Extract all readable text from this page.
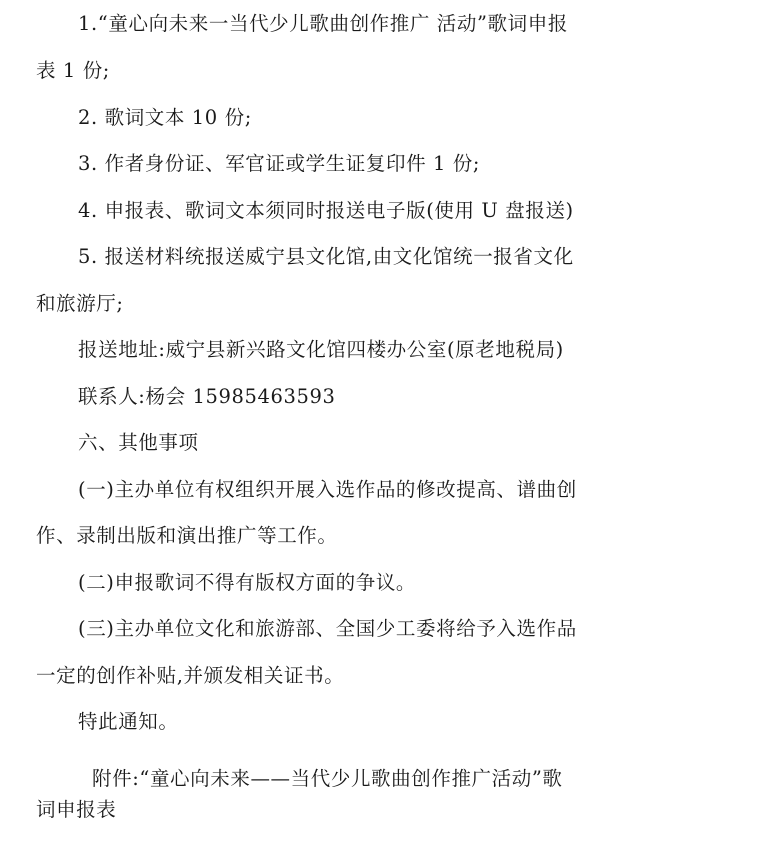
1.“童心向未来一当代少儿歌曲创作推广 活动”歌词申报
表 1 份;
2. 歌词文本 10 份;
3. 作者身份证、军官证或学生证复印件 1 份;
4. 申报表、歌词文本须同时报送电子版(使用 U 盘报送)
5. 报送材料统报送威宁县文化馆,由文化馆统一报省文化
和旅游厅;
报送地址:威宁县新兴路文化馆四楼办公室(原老地税局)
联系人:杨会 15985463593
六、其他事项
(一)主办单位有权组织开展入选作品的修改提高、谱曲创
作、录制出版和演出推广等工作。
(二)申报歌词不得有版权方面的争议。
(三)主办单位文化和旅游部、全国少工委将给予入选作品
一定的创作补贴,并颁发相关证书。
特此通知。
附件:“童心向未来——当代少儿歌曲创作推广活动”歌
词申报表
